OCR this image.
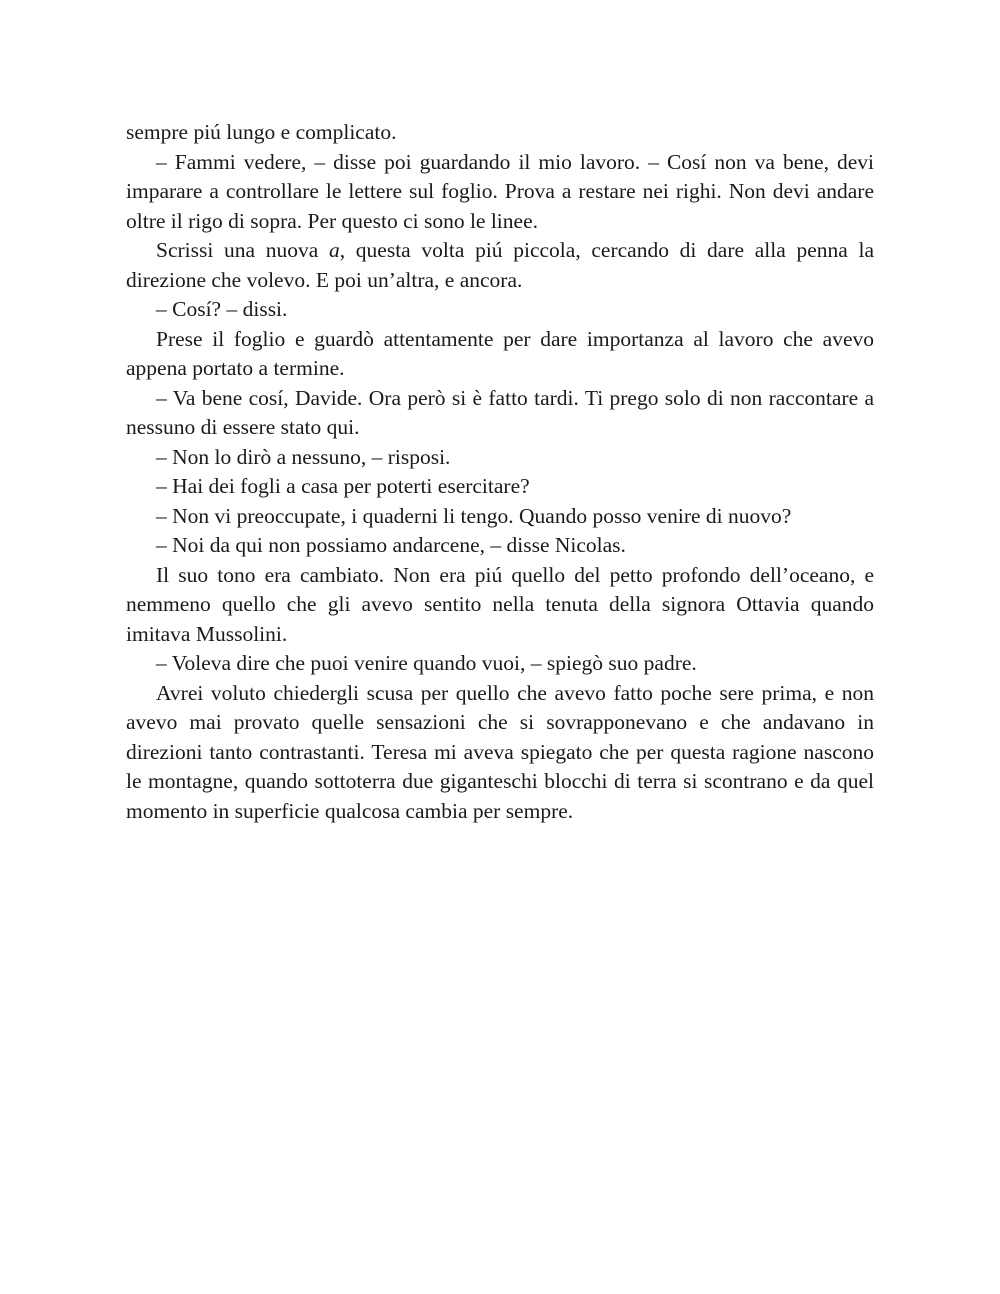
sempre piú lungo e complicato.

– Fammi vedere, – disse poi guardando il mio lavoro. – Cosí non va bene, devi imparare a controllare le lettere sul foglio. Prova a restare nei righi. Non devi andare oltre il rigo di sopra. Per questo ci sono le linee.

Scrissi una nuova a, questa volta piú piccola, cercando di dare alla penna la direzione che volevo. E poi un’altra, e ancora.

– Cosí? – dissi.

Prese il foglio e guardò attentamente per dare importanza al lavoro che avevo appena portato a termine.

– Va bene cosí, Davide. Ora però si è fatto tardi. Ti prego solo di non raccontare a nessuno di essere stato qui.

– Non lo dirò a nessuno, – risposi.

– Hai dei fogli a casa per poterti esercitare?

– Non vi preoccupate, i quaderni li tengo. Quando posso venire di nuovo?

– Noi da qui non possiamo andarcene, – disse Nicolas.

Il suo tono era cambiato. Non era piú quello del petto profondo dell’oceano, e nemmeno quello che gli avevo sentito nella tenuta della signora Ottavia quando imitava Mussolini.

– Voleva dire che puoi venire quando vuoi, – spiegò suo padre.

Avrei voluto chiedergli scusa per quello che avevo fatto poche sere prima, e non avevo mai provato quelle sensazioni che si sovrapponevano e che andavano in direzioni tanto contrastanti. Teresa mi aveva spiegato che per questa ragione nascono le montagne, quando sottoterra due giganteschi blocchi di terra si scontrano e da quel momento in superficie qualcosa cambia per sempre.
